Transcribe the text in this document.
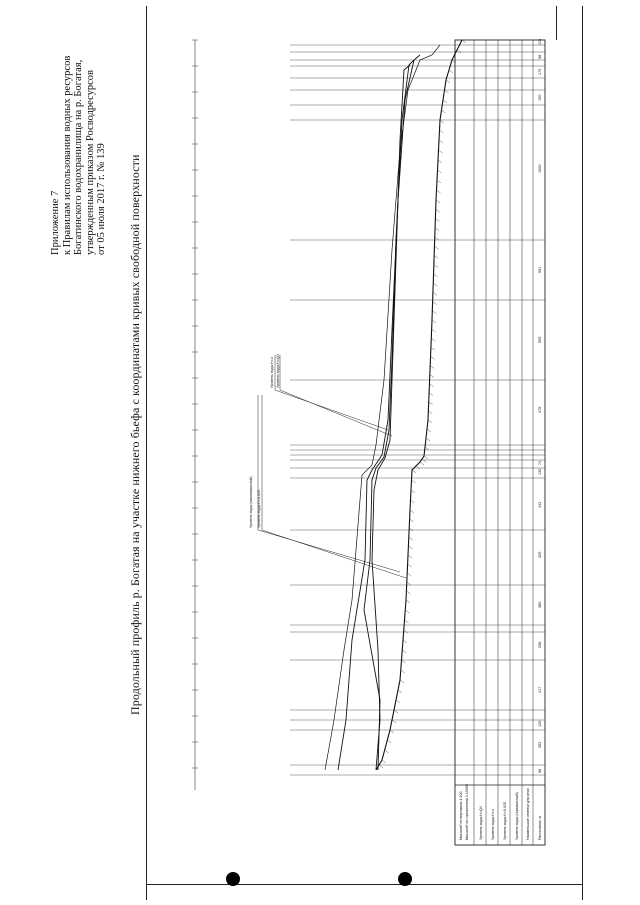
Приложение 7 к Правилам использования водных ресурсов Богатинского водохранилища на р. Богатая, утвержденным приказом Росводресурсов от 05 июля 2017 г. № 139 Продольный профиль р. Богатая на участке нижнего бьефа с координатами кривых свободной поверхности
Масштаб по вертикали 1:100 Масштаб по горизонтали 1:10000	Уровень воды Н=Q4 Уровень воды Н=4 Уровень воды Н=0,025 Уровень воды (нормальный) Наименьшие отметки дна реки Расстояния, м
98
352
129
417
298
380
325
442
130
74
475
555
591
1000
190
179
58
115
Уровень воды (максимальный) Уровень воды Н=0,025
Уровень воды Н=4 Уровень воды Н=Q4
